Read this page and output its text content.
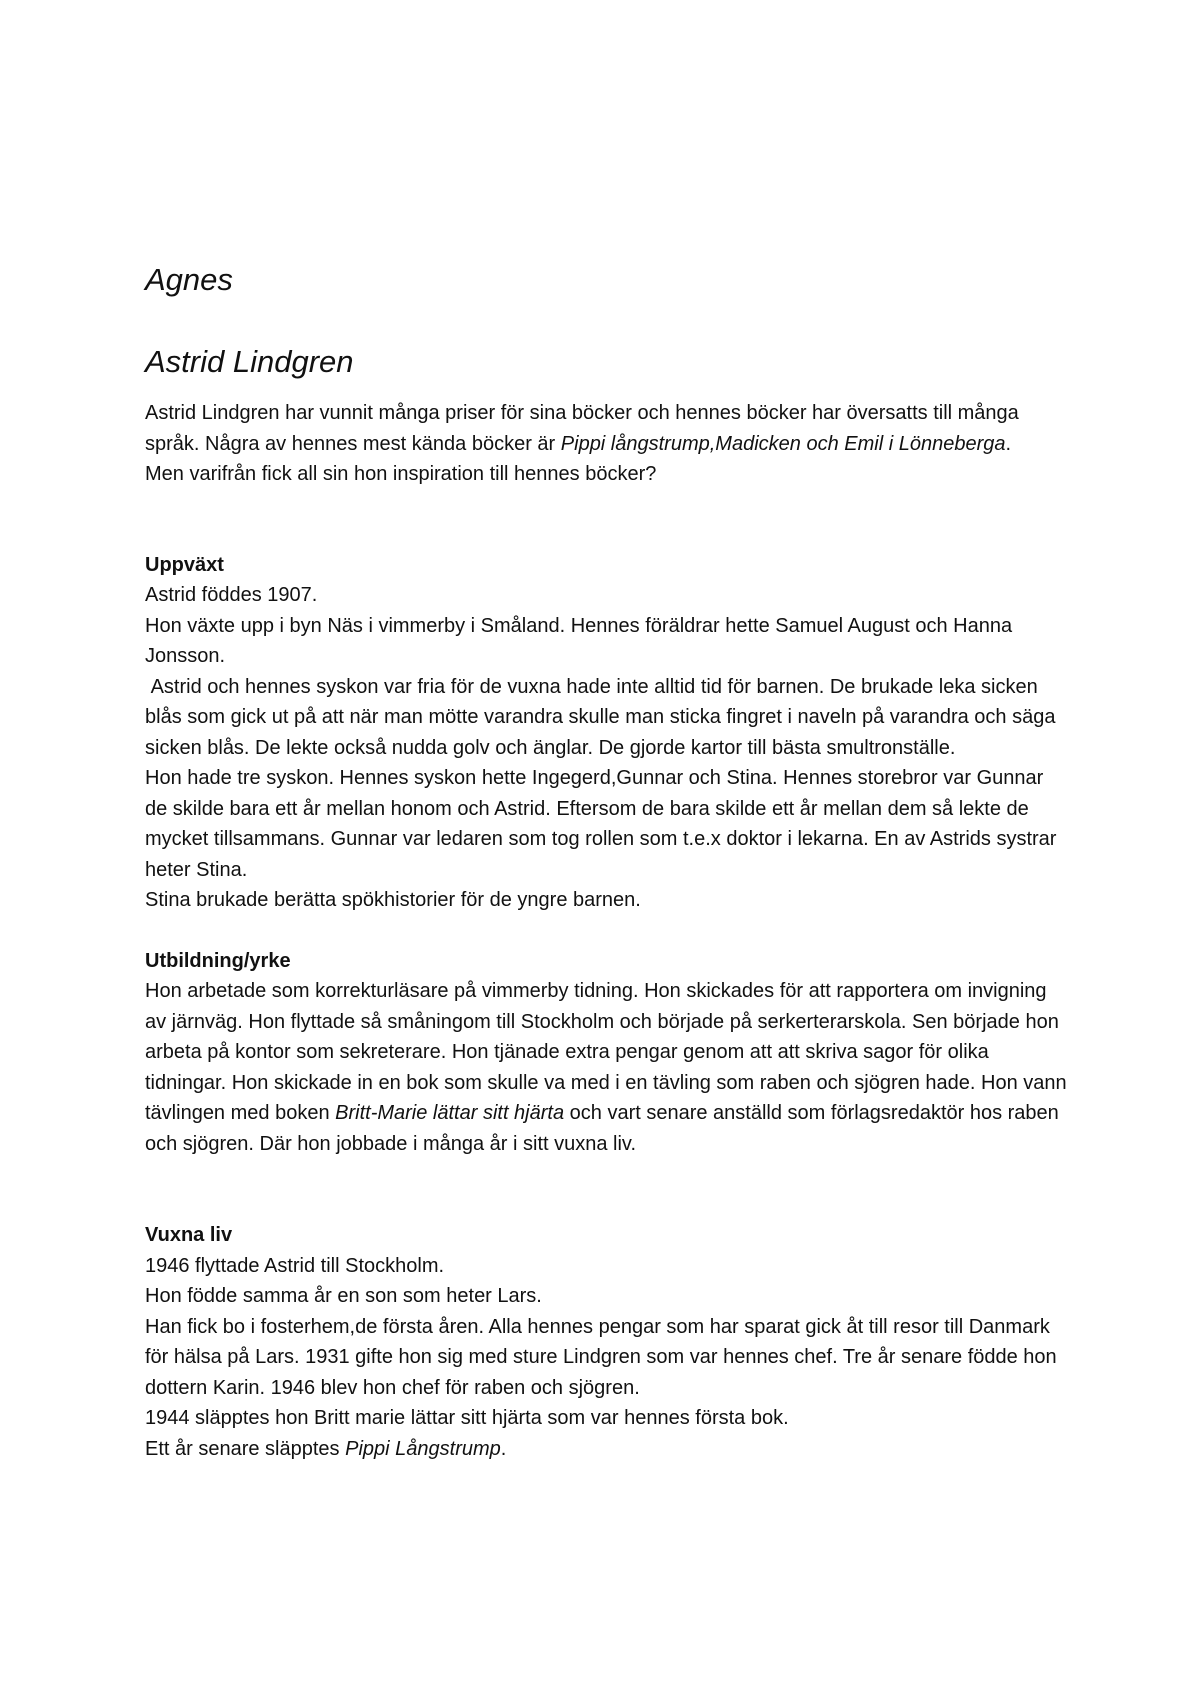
Agnes
Astrid Lindgren

Astrid Lindgren har vunnit många priser för sina böcker och hennes böcker har översatts till många språk. Några av hennes mest kända böcker är Pippi långstrump,Madicken och Emil i Lönneberga.

Men varifrån fick all sin hon inspiration till hennes böcker?

Uppväxt

Astrid föddes 1907.

Hon växte upp i byn Näs i vimmerby i Småland. Hennes föräldrar hette Samuel August och Hanna Jonsson.

Astrid och hennes syskon var fria för de vuxna hade inte alltid tid för barnen. De brukade leka sicken blås som gick ut på att när man mötte varandra skulle man sticka fingret i naveln på varandra och säga sicken blås. De lekte också nudda golv och änglar. De gjorde kartor till bästa smultronställe.

Hon hade tre syskon. Hennes syskon hette Ingegerd,Gunnar och Stina. Hennes storebror var Gunnar de skilde bara ett år mellan honom och Astrid. Eftersom de bara skilde ett år mellan dem så lekte de mycket tillsammans. Gunnar var ledaren som tog rollen som t.e.x doktor i lekarna. En av Astrids systrar heter Stina.

Stina brukade berätta spökhistorier för de yngre barnen.

Utbildning/yrke

Hon arbetade som korrekturläsare på vimmerby tidning. Hon skickades för att rapportera om invigning av järnväg. Hon flyttade så småningom till Stockholm och började på serkerterarskola. Sen började hon arbeta på kontor som sekreterare. Hon tjänade extra pengar genom att att skriva sagor för olika tidningar. Hon skickade in en bok som skulle va med i en tävling som raben och sjögren hade. Hon vann tävlingen med boken Britt-Marie lättar sitt hjärta och vart senare anställd som förlagsredaktör hos raben och sjögren. Där hon jobbade i många år i sitt vuxna liv.

Vuxna liv

1946 flyttade Astrid till Stockholm.

Hon födde samma år en son som heter Lars.

Han fick bo i fosterhem,de första åren. Alla hennes pengar som har sparat gick åt till resor till Danmark för hälsa på Lars. 1931 gifte hon sig med sture Lindgren som var hennes chef. Tre år senare födde hon dottern Karin. 1946 blev hon chef för raben och sjögren.

1944 släpptes hon Britt marie lättar sitt hjärta som var hennes första bok.

Ett år senare släpptes Pippi Långstrump.
